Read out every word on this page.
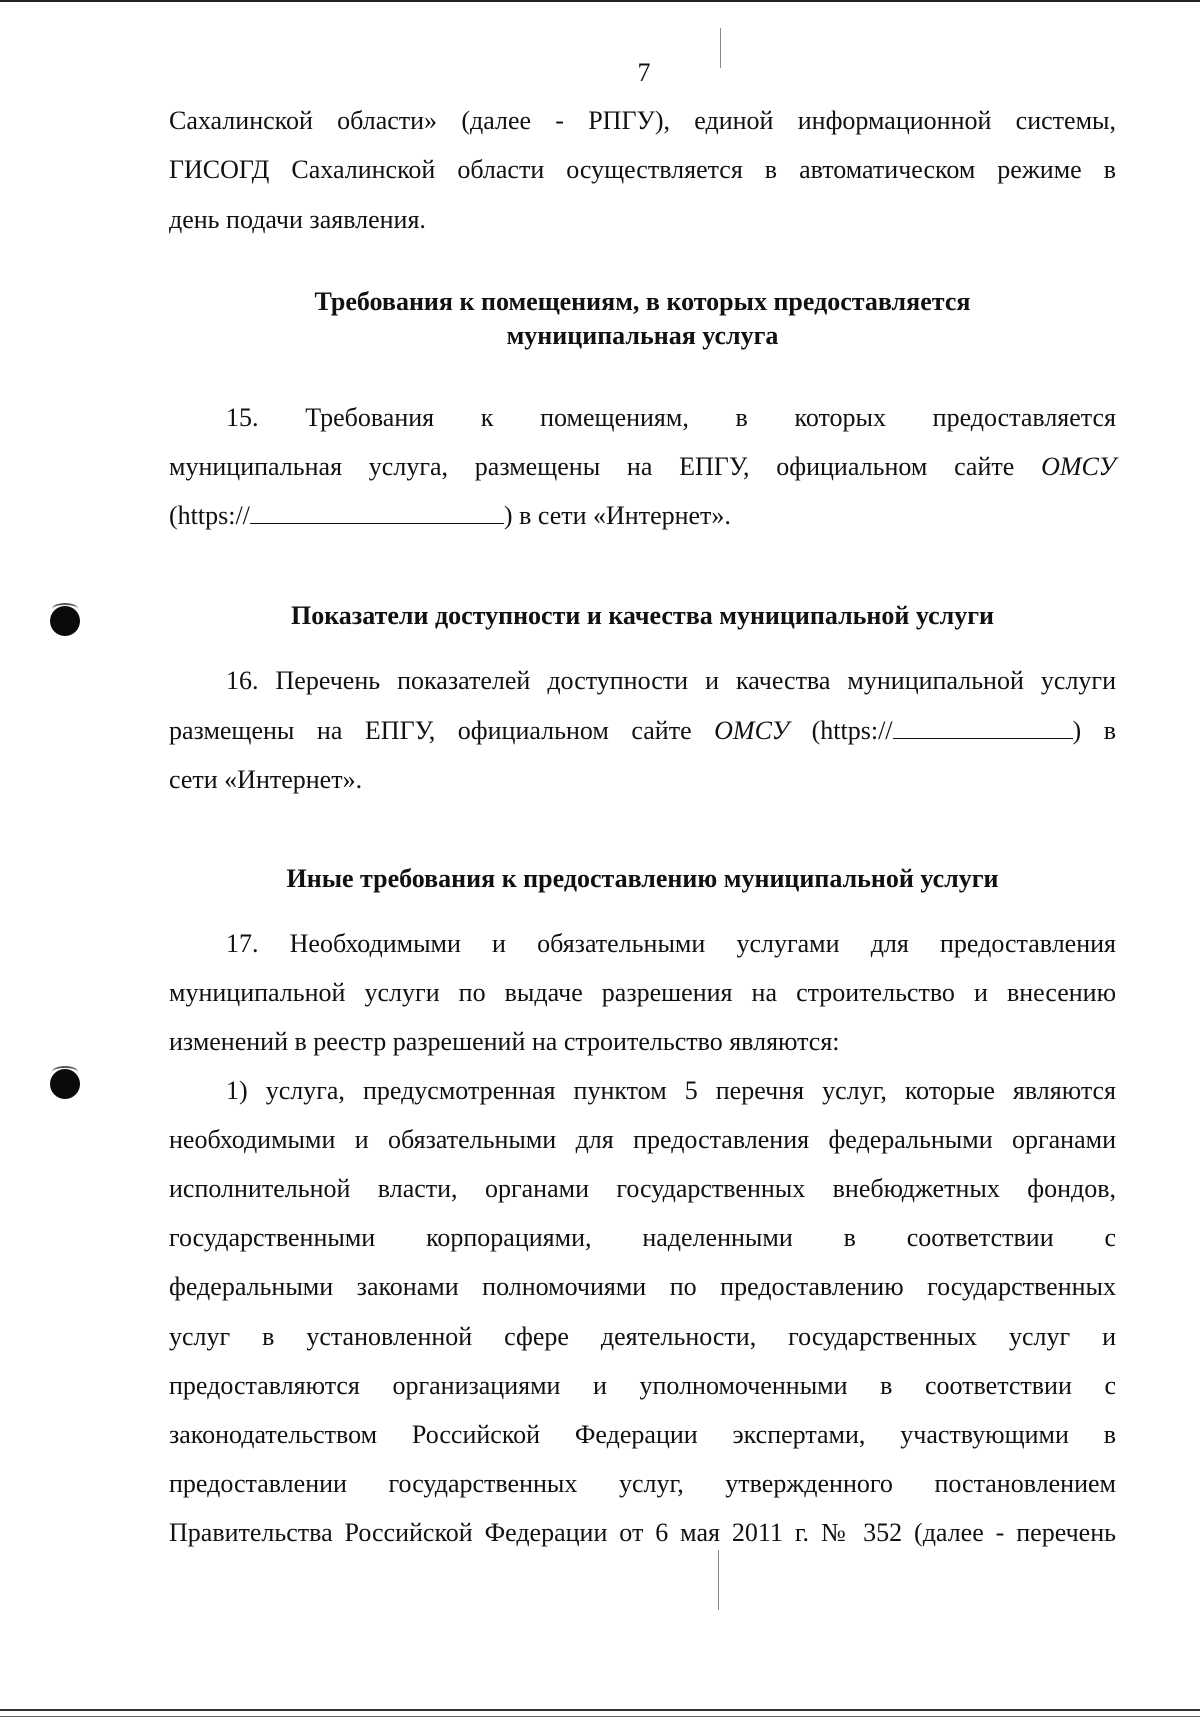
7
Сахалинской области» (далее - РПГУ), единой информационной системы,
ГИСОГД Сахалинской области осуществляется в автоматическом режиме в
день подачи заявления.
Требования к помещениям, в которых предоставляется
муниципальная услуга
15. Требования к помещениям, в которых предоставляется
муниципальная услуга, размещены на ЕПГУ, официальном сайте ОМСУ
(https://	) в сети «Интернет».
Показатели доступности и качества муниципальной услуги
16. Перечень показателей доступности и качества муниципальной услуги
размещены на ЕПГУ, официальном сайте ОМСУ (https://	) в
сети «Интернет».
Иные требования к предоставлению муниципальной услуги
17. Необходимыми и обязательными услугами для предоставления
муниципальной услуги по выдаче разрешения на строительство и внесению
изменений в реестр разрешений на строительство являются:
1) услуга, предусмотренная пунктом 5 перечня услуг, которые являются
необходимыми и обязательными для предоставления федеральными органами
исполнительной власти, органами государственных внебюджетных фондов,
государственными корпорациями, наделенными в соответствии с
федеральными законами полномочиями по предоставлению государственных
услуг в установленной сфере деятельности, государственных услуг и
предоставляются организациями и уполномоченными в соответствии с
законодательством Российской Федерации экспертами, участвующими в
предоставлении государственных услуг, утвержденного постановлением
Правительства Российской Федерации от 6 мая 2011 г. № 352 (далее - перечень
